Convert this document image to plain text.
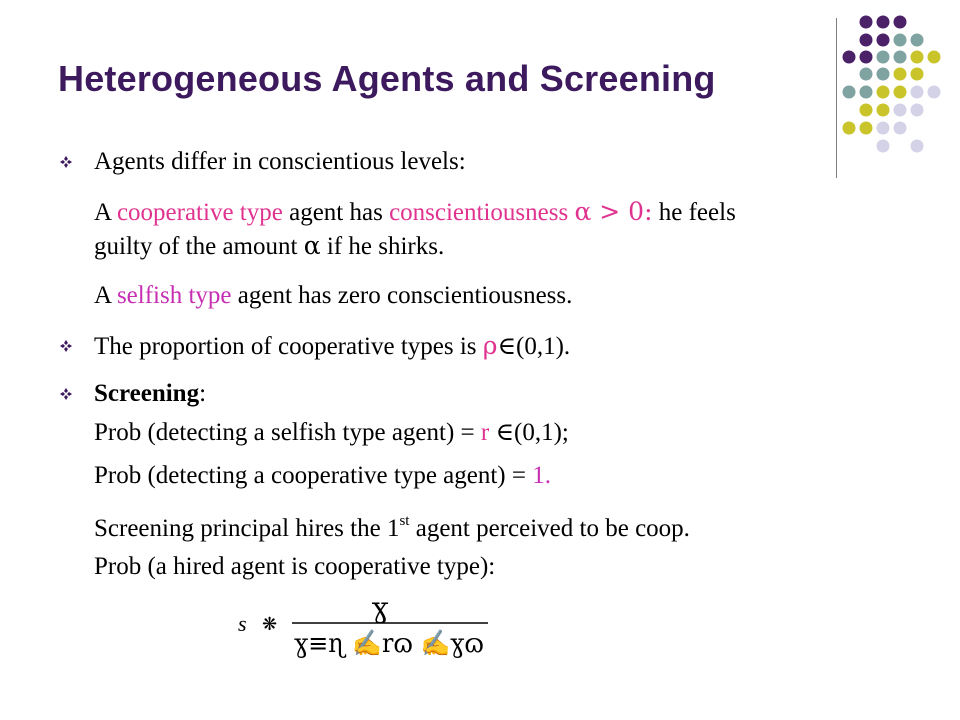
Heterogeneous Agents and Screening
Agents differ in conscientious levels:
A cooperative type agent has conscientiousness α > 0: he feels
guilty of the amount α if he shirks.
A selfish type agent has zero conscientiousness.
The proportion of cooperative types is ρ∈(0,1).
Screening:
Prob (detecting a selfish type agent) = r ∈(0,1);
Prob (detecting a cooperative type agent) = 1.
Screening principal hires the 1st agent perceived to be coop.
Prob (a hired agent is cooperative type):
s ❋
ɣ
ɣ≡ɳ ✍rɷ ✍ɣɷ
